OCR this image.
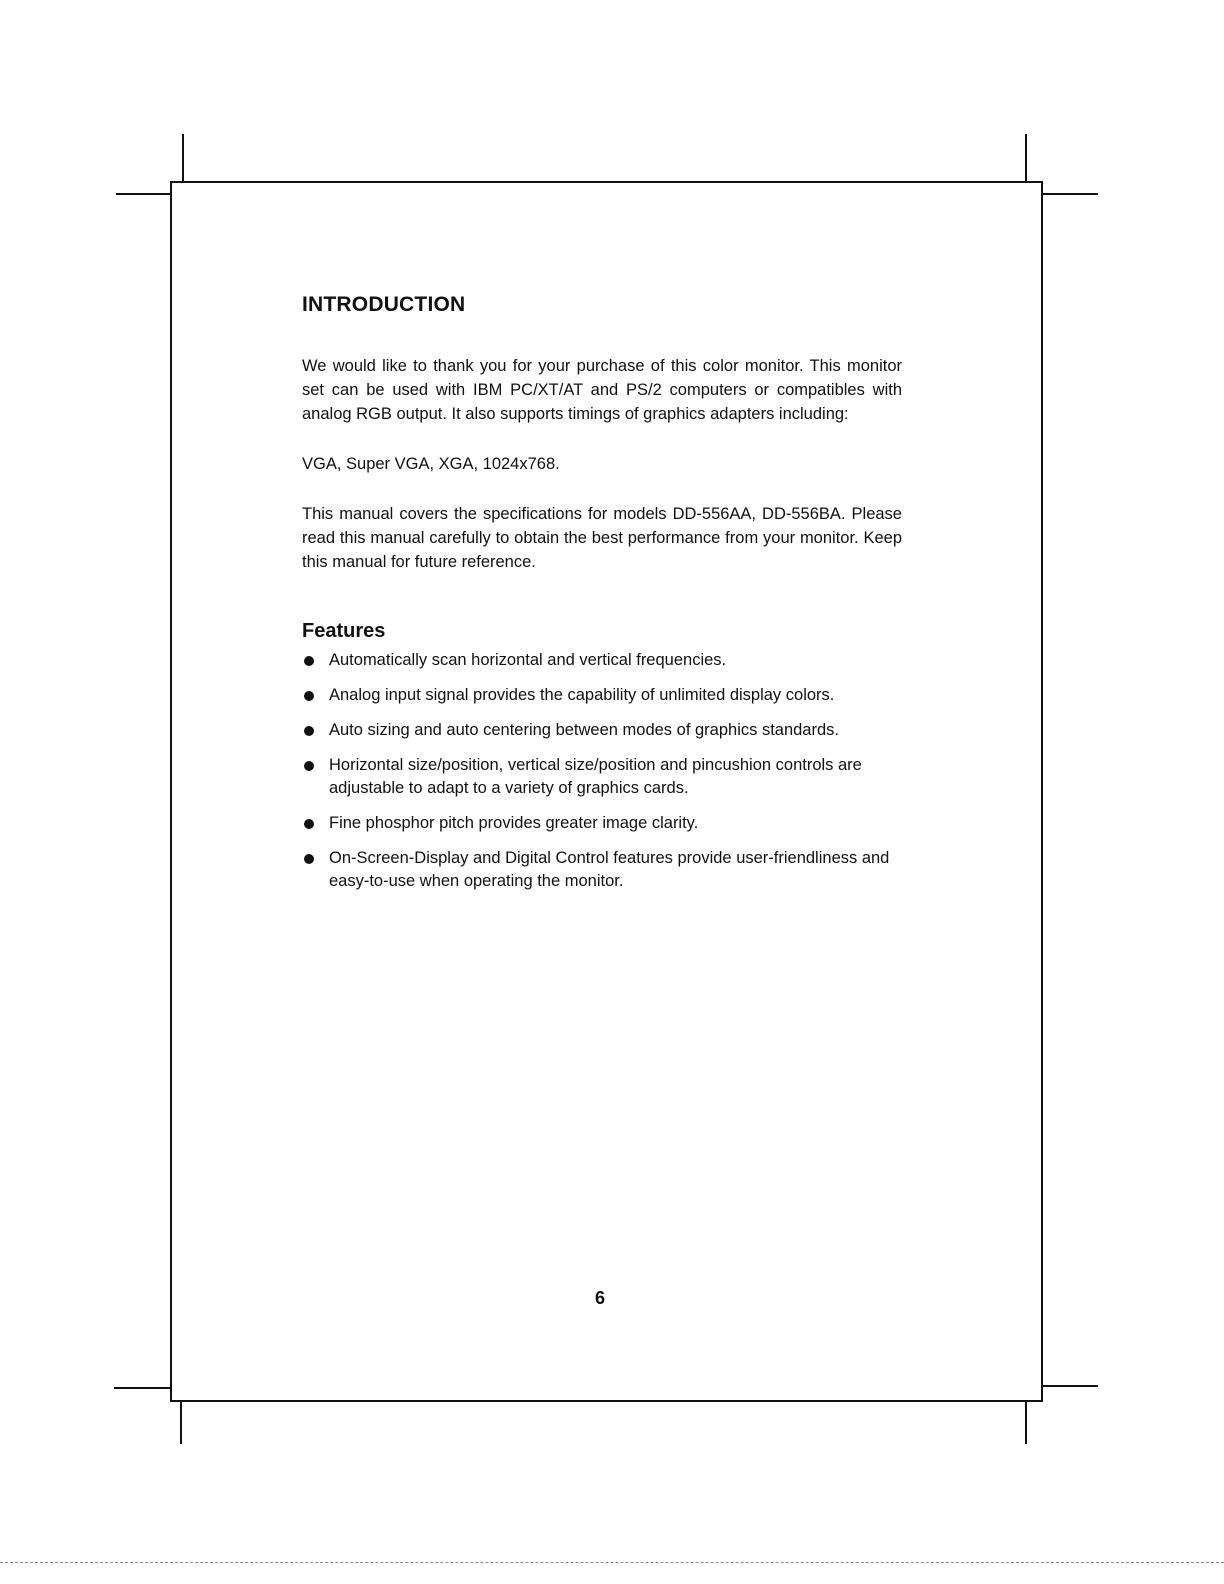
INTRODUCTION

We would like to thank you for your purchase of this color monitor. This monitor set can be used with IBM PC/XT/AT and PS/2 computers or compatibles with analog RGB output. It also supports timings of graphics adapters including:

VGA, Super VGA, XGA, 1024x768.

This manual covers the specifications for models DD-556AA, DD-556BA. Please read this manual carefully to obtain the best performance from your monitor. Keep this manual for future reference.

Features
Automatically scan horizontal and vertical frequencies.
Analog input signal provides the capability of unlimited display colors.
Auto sizing and auto centering between modes of graphics standards.
Horizontal size/position, vertical size/position and pincushion controls are adjustable to adapt to a variety of graphics cards.
Fine phosphor pitch provides greater image clarity.
On-Screen-Display and Digital Control features provide user-friendliness and easy-to-use when operating the monitor.
6
